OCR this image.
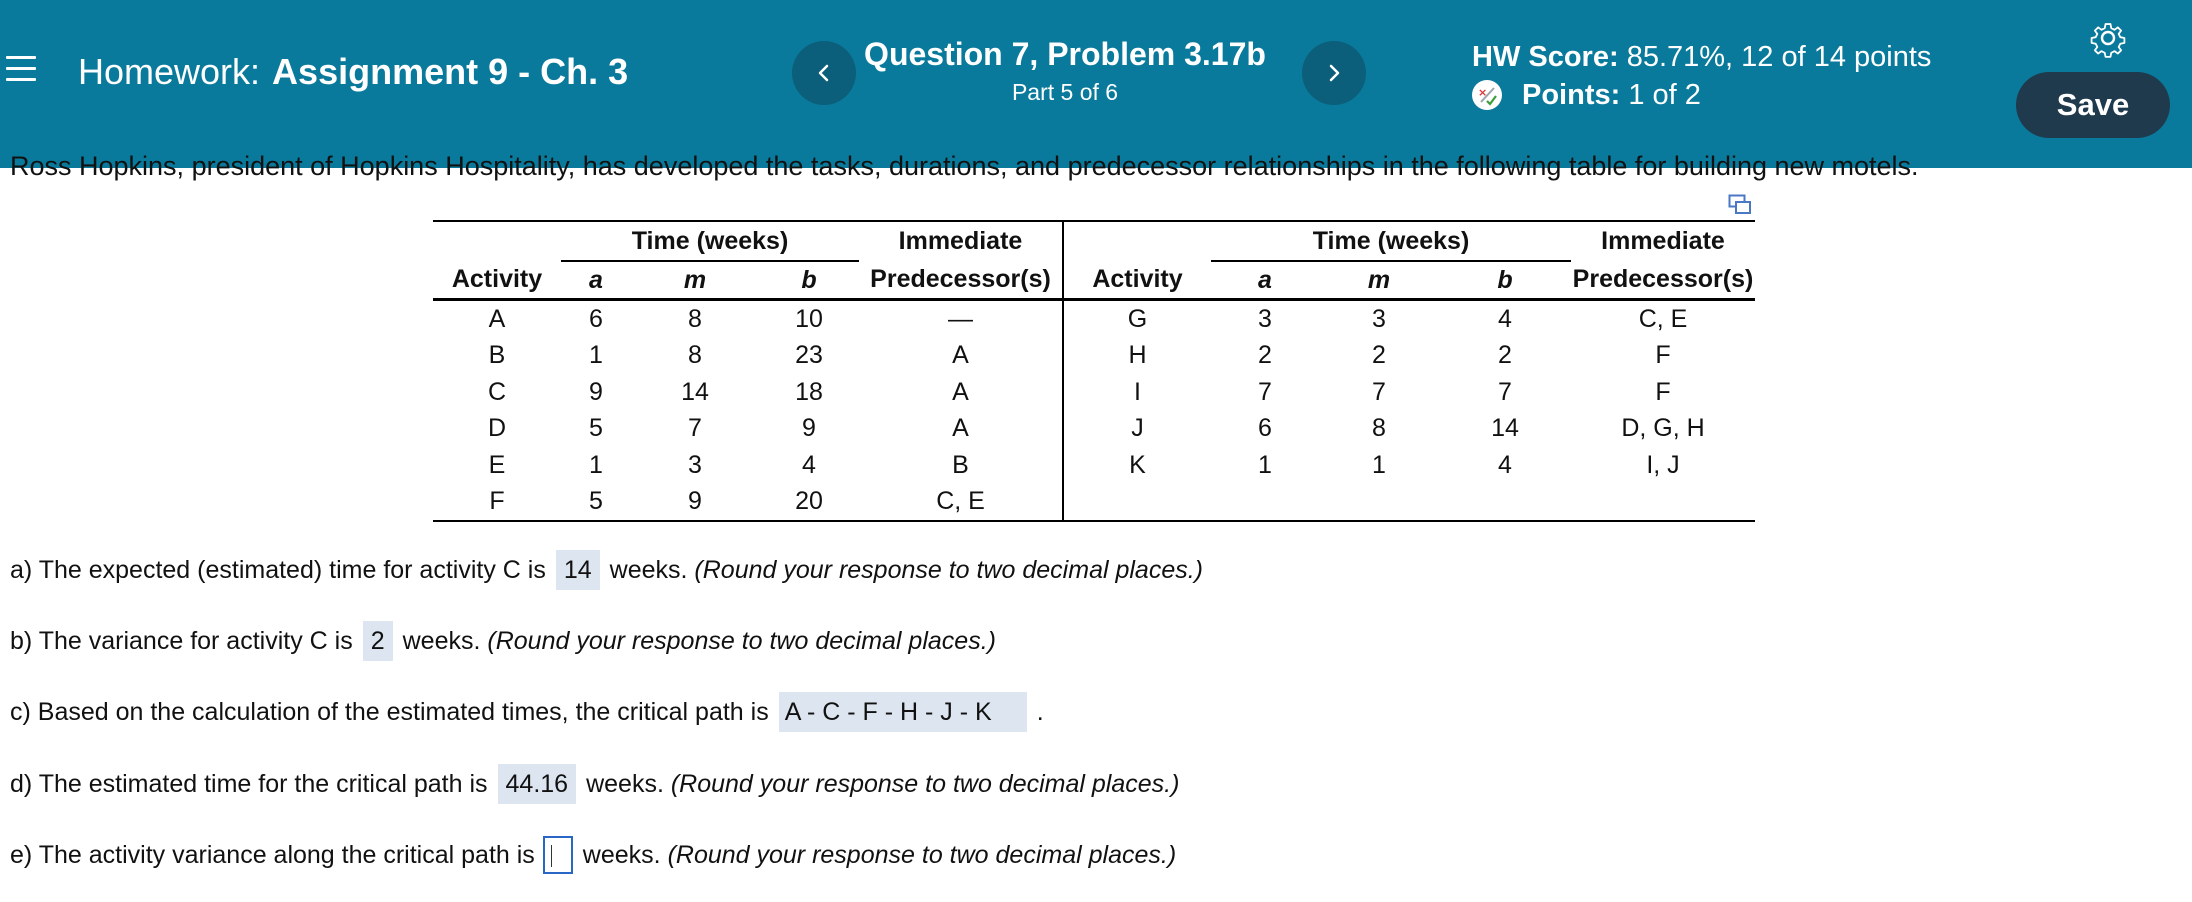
Homework: Assignment 9 - Ch. 3	Question 7, Problem 3.17b
Part 5 of 6
HW Score: 85.71%, 12 of 14 points
× Points:
1 of 2	Save
Ross Hopkins, president of Hopkins Hospitality, has developed the tasks, durations, and predecessor relationships in the following table for building new motels.
	Time (weeks)			Immediate		Time (weeks)			Immediate
Activity	a	m	b	Predecessor(s)	Activity	a	m	b	Predecessor(s)
A	6	8	10	—	G	3	3	4	C, E
B	1	8	23	A	H	2	2	2	F
C	9	14	18	A	I	7	7	7	F
D	5	7	9	A	J	6	8	14	D, G, H
E	1	3	4	B	K	1	1	4	I, J
F	5	9	20	C, E					
a) The expected (estimated) time for activity C is 14 weeks.
(Round your response to two decimal places.)
b) The variance for activity C is 2 weeks.
(Round your response to two decimal places.)
c) Based on the calculation of the estimated times, the critical path is A - C - F - H - J - K	.
d) The estimated time for the critical path is 44.16 weeks.
(Round your response to two decimal places.)
e) The activity variance along the critical path is weeks.
(Round your response to two decimal places.)
